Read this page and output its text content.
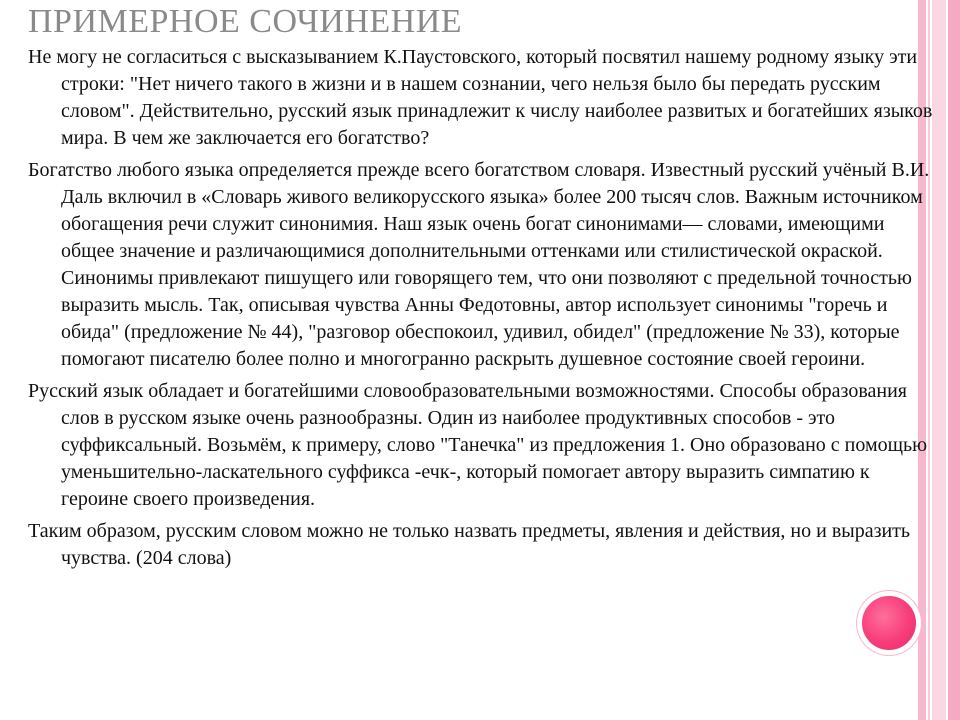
ПРИМЕРНОЕ СОЧИНЕНИЕ

Не могу не согласиться с высказыванием К.Паустовского, который посвятил нашему родному языку эти строки: "Нет ничего такого в жизни и в нашем сознании, чего нельзя было бы передать русским словом". Действительно, русский язык принадлежит к числу наиболее развитых и богатейших языков мира. В чем же заключается его богатство?

Богатство любого языка определяется прежде всего богатством словаря. Известный русский учёный В.И. Даль включил в «Словарь живого великорусского языка» более 200 тысяч слов. Важным источником обогащения речи служит синонимия. Наш язык очень богат синонимами— словами, имеющими общее значение и различающимися дополнительными оттенками или стилистической окраской. Синонимы привлекают пишущего или говорящего тем, что они позволяют с предельной точностью выразить мысль. Так, описывая чувства Анны Федотовны, автор использует синонимы "горечь и обида" (предложение № 44), "разговор обеспокоил, удивил, обидел" (предложение № 33), которые помогают писателю более полно и многогранно раскрыть душевное состояние своей героини.

Русский язык обладает и богатейшими словообразовательными возможностями. Способы образования слов в русском языке очень разнообразны. Один из наиболее продуктивных способов - это суффиксальный. Возьмём, к примеру, слово "Танечка" из предложения 1. Оно образовано с помощью уменьшительно-ласкательного суффикса -ечк-, который помогает автору выразить симпатию к героине своего произведения.

Таким образом, русским словом можно не только назвать предметы, явления и действия, но и выразить чувства. (204 слова)
